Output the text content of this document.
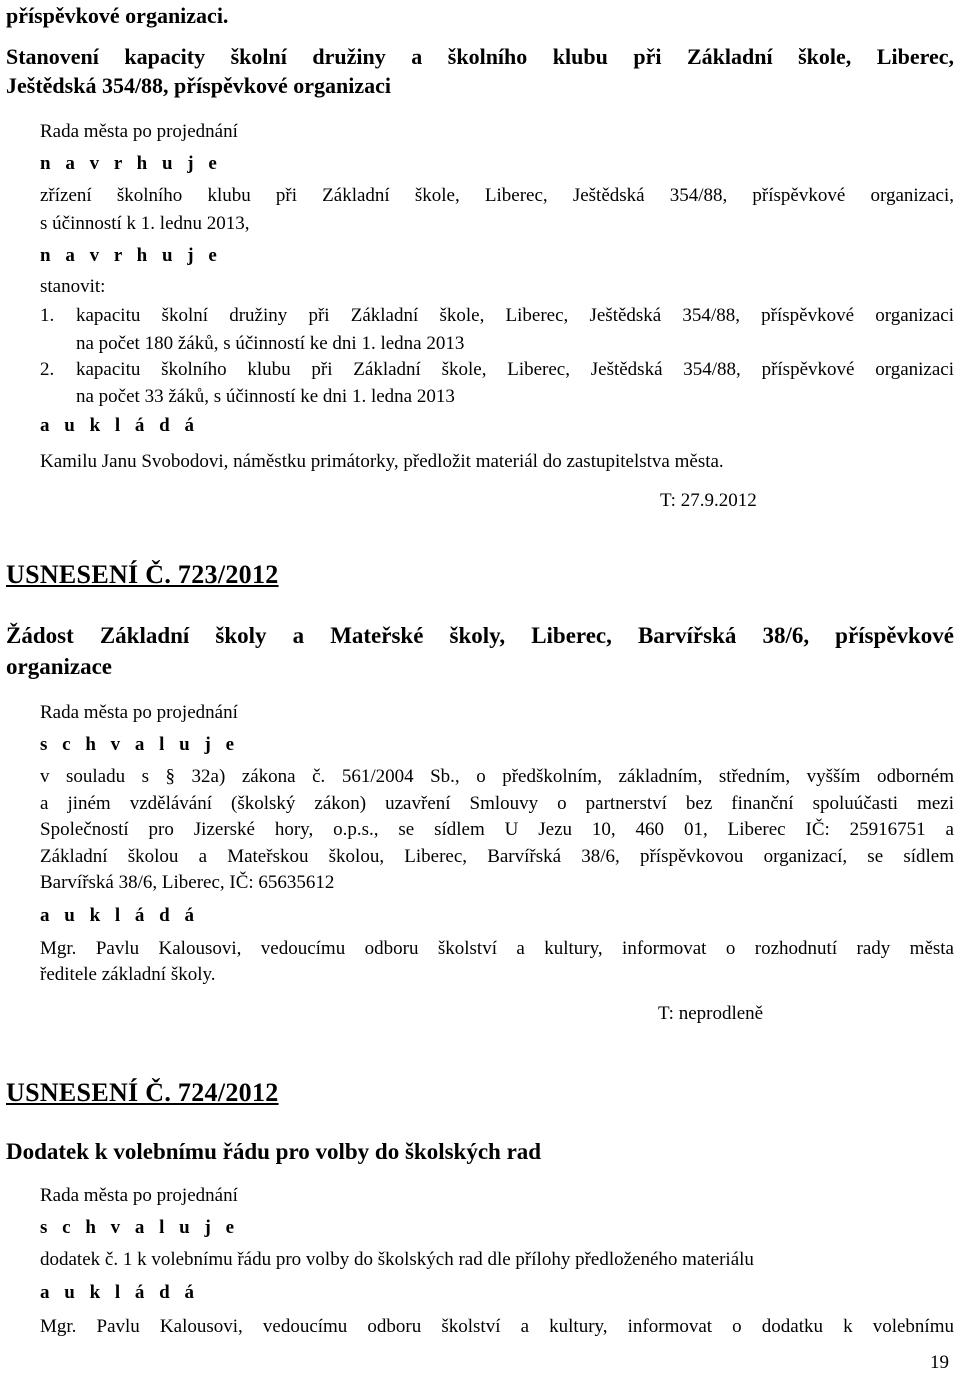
příspěvkové organizaci.
Stanovení kapacity školní družiny a školního klubu při Základní škole, Liberec,
Ještědská 354/88, příspěvkové organizaci
Rada města po projednání
n a v r h u j e
zřízení školního klubu při Základní škole, Liberec, Ještědská 354/88, příspěvkové organizaci,
s účinností k 1. lednu 2013,
n a v r h u j e
stanovit:
1. kapacitu školní družiny při Základní škole, Liberec, Ještědská 354/88, příspěvkové organizaci
na počet 180 žáků, s účinností ke dni 1. ledna 2013
2. kapacitu školního klubu při Základní škole, Liberec, Ještědská 354/88, příspěvkové organizaci
na počet 33 žáků, s účinností ke dni 1. ledna 2013
a u k l á d á
Kamilu Janu Svobodovi, náměstku primátorky, předložit materiál do zastupitelstva města.
T: 27.9.2012
USNESENÍ Č. 723/2012
Žádost Základní školy a Mateřské školy, Liberec, Barvířská 38/6, příspěvkové
organizace
Rada města po projednání
s c h v a l u j e
v souladu s § 32a) zákona č. 561/2004 Sb., o předškolním, základním, středním, vyšším odborném
a jiném vzdělávání (školský zákon) uzavření Smlouvy o partnerství bez finanční spoluúčasti mezi
Společností pro Jizerské hory, o.p.s., se sídlem U Jezu 10, 460 01, Liberec IČ: 25916751 a
Základní školou a Mateřskou školou, Liberec, Barvířská 38/6, příspěvkovou organizací, se sídlem
Barvířská 38/6, Liberec, IČ: 65635612
a u k l á d á
Mgr. Pavlu Kalousovi, vedoucímu odboru školství a kultury, informovat o rozhodnutí rady města
ředitele základní školy.
T: neprodleně
USNESENÍ Č. 724/2012
Dodatek k volebnímu řádu pro volby do školských rad
Rada města po projednání
s c h v a l u j e
dodatek č. 1 k volebnímu řádu pro volby do školských rad dle přílohy předloženého materiálu
a u k l á d á
Mgr. Pavlu Kalousovi, vedoucímu odboru školství a kultury, informovat o dodatku k volebnímu
19
